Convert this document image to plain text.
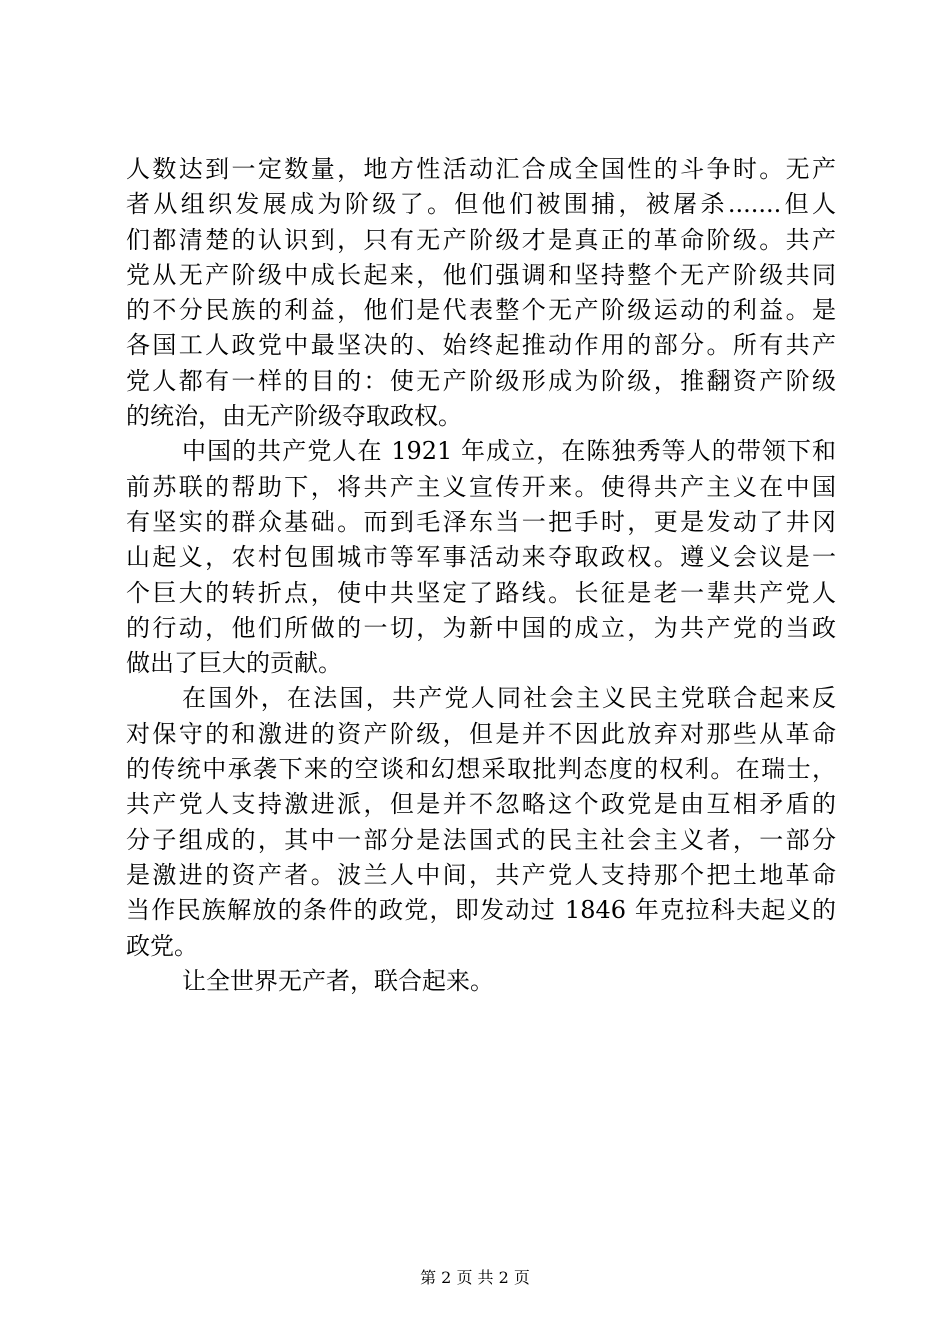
人数达到一定数量，地方性活动汇合成全国性的斗争时。无产
者从组织发展成为阶级了。但他们被围捕，被屠杀.......但人
们都清楚的认识到，只有无产阶级才是真正的革命阶级。共产
党从无产阶级中成长起来，他们强调和坚持整个无产阶级共同
的不分民族的利益，他们是代表整个无产阶级运动的利益。是
各国工人政党中最坚决的、始终起推动作用的部分。所有共产
党人都有一样的目的：使无产阶级形成为阶级，推翻资产阶级
的统治，由无产阶级夺取政权。
中国的共产党人在 1921 年成立，在陈独秀等人的带领下和
前苏联的帮助下，将共产主义宣传开来。使得共产主义在中国
有坚实的群众基础。而到毛泽东当一把手时，更是发动了井冈
山起义，农村包围城市等军事活动来夺取政权。遵义会议是一
个巨大的转折点，使中共坚定了路线。长征是老一辈共产党人
的行动，他们所做的一切，为新中国的成立，为共产党的当政
做出了巨大的贡献。
在国外，在法国，共产党人同社会主义民主党联合起来反
对保守的和激进的资产阶级，但是并不因此放弃对那些从革命
的传统中承袭下来的空谈和幻想采取批判态度的权利。在瑞士，
共产党人支持激进派，但是并不忽略这个政党是由互相矛盾的
分子组成的，其中一部分是法国式的民主社会主义者，一部分
是激进的资产者。波兰人中间，共产党人支持那个把土地革命
当作民族解放的条件的政党，即发动过 1846 年克拉科夫起义的
政党。
让全世界无产者，联合起来。
第 2 页 共 2 页
